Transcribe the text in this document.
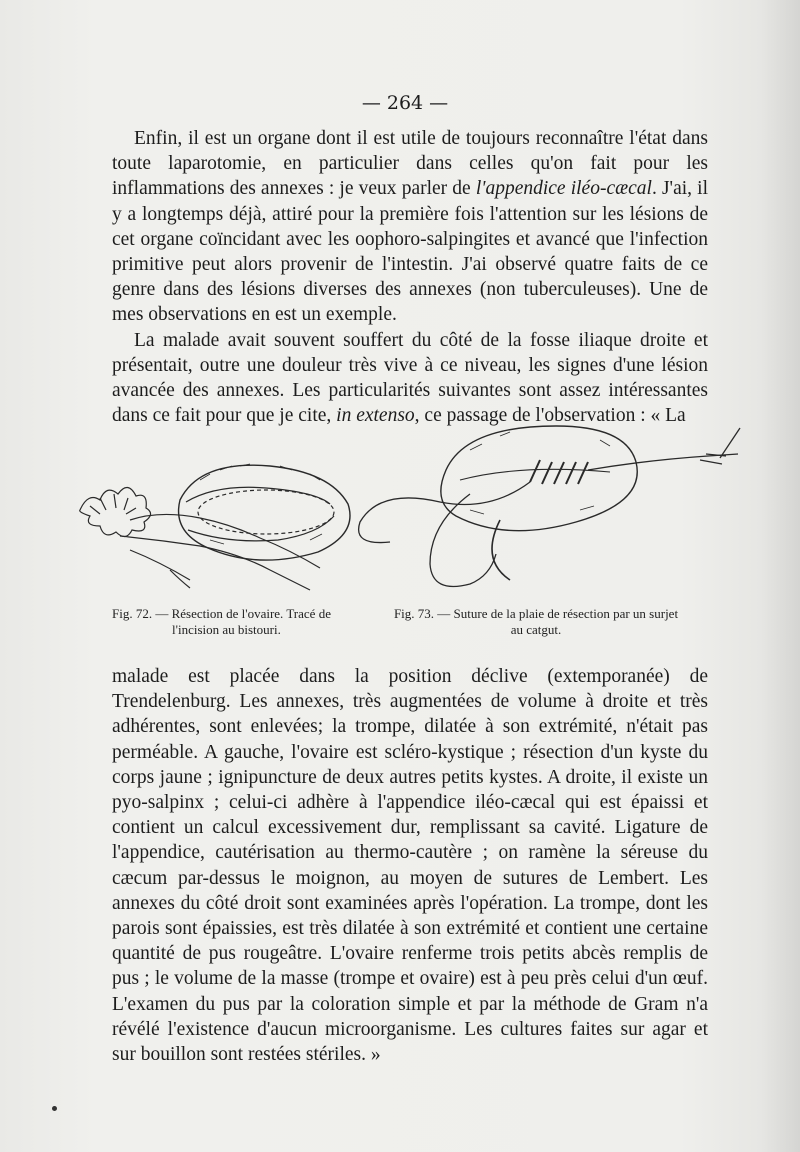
— 264 —

Enfin, il est un organe dont il est utile de toujours reconnaître l'état dans toute laparotomie, en particulier dans celles qu'on fait pour les inflammations des annexes : je veux parler de l'appendice iléo-cæcal. J'ai, il y a longtemps déjà, attiré pour la première fois l'attention sur les lésions de cet organe coïncidant avec les oophoro-salpingites et avancé que l'infection primitive peut alors provenir de l'intestin. J'ai observé quatre faits de ce genre dans des lésions diverses des annexes (non tuberculeuses). Une de mes observations en est un exemple.

La malade avait souvent souffert du côté de la fosse iliaque droite et présentait, outre une douleur très vive à ce niveau, les signes d'une lésion avancée des annexes. Les particularités suivantes sont assez intéressantes dans ce fait pour que je cite, in extenso, ce passage de l'observation : « La

Fig. 72. — Résection de l'ovaire. Tracé de
l'incision au bistouri.
Fig. 73. — Suture de la plaie de résection par un surjet
au catgut.

malade est placée dans la position déclive (extemporanée) de Trendelenburg. Les annexes, très augmentées de volume à droite et très adhérentes, sont enlevées; la trompe, dilatée à son extrémité, n'était pas perméable. A gauche, l'ovaire est scléro-kystique ; résection d'un kyste du corps jaune ; ignipuncture de deux autres petits kystes. A droite, il existe un pyo-salpinx ; celui-ci adhère à l'appendice iléo-cæcal qui est épaissi et contient un calcul excessivement dur, remplissant sa cavité. Ligature de l'appendice, cautérisation au thermo-cautère ; on ramène la séreuse du cæcum par-dessus le moignon, au moyen de sutures de Lembert. Les annexes du côté droit sont examinées après l'opération. La trompe, dont les parois sont épaissies, est très dilatée à son extrémité et contient une certaine quantité de pus rougeâtre. L'ovaire renferme trois petits abcès remplis de pus ; le volume de la masse (trompe et ovaire) est à peu près celui d'un œuf. L'examen du pus par la coloration simple et par la méthode de Gram n'a révélé l'existence d'aucun microorganisme. Les cultures faites sur agar et sur bouillon sont restées stériles. »
